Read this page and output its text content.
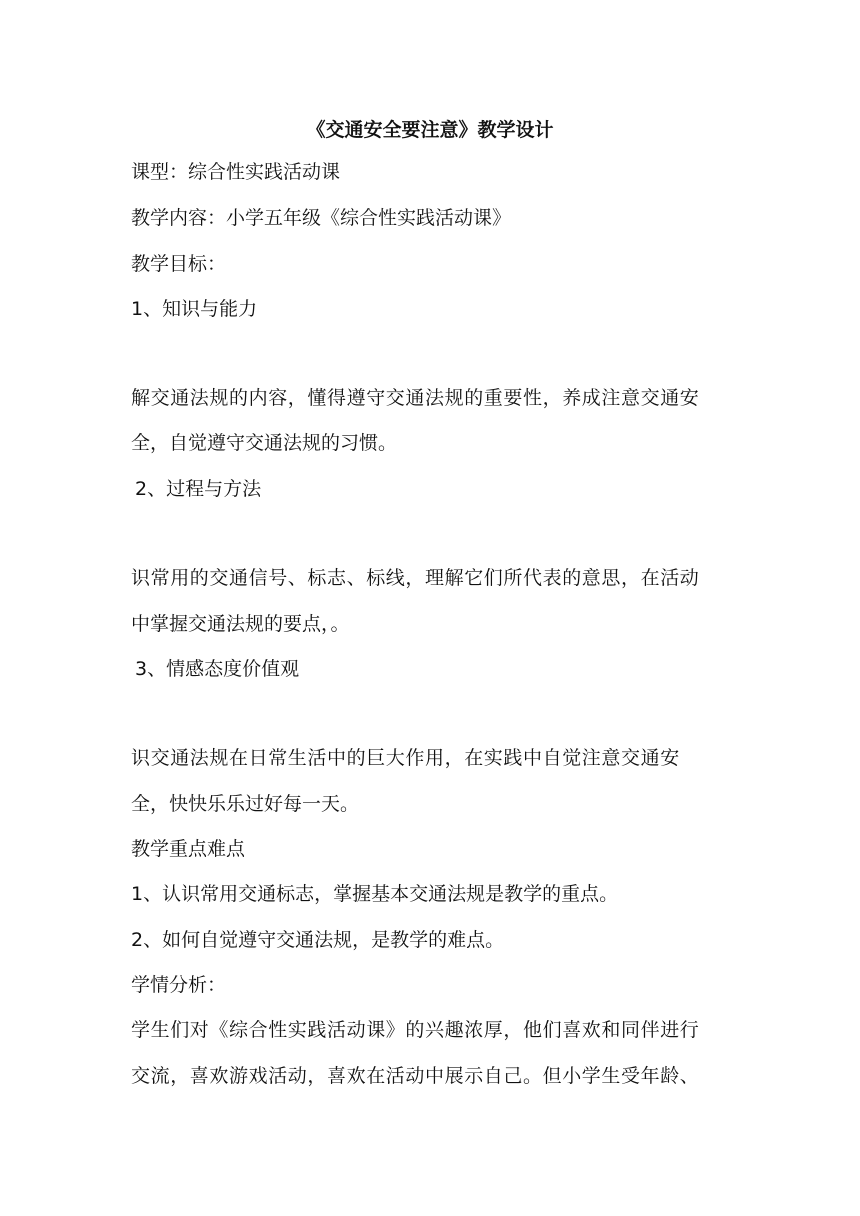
《交通安全要注意》教学设计
课型：综合性实践活动课
教学内容：小学五年级《综合性实践活动课》
教学目标：
1、知识与能力
解交通法规的内容，懂得遵守交通法规的重要性，养成注意交通安
全，自觉遵守交通法规的习惯。
2、过程与方法
识常用的交通信号、标志、标线，理解它们所代表的意思，在活动
中掌握交通法规的要点，。
3、情感态度价值观
识交通法规在日常生活中的巨大作用，在实践中自觉注意交通安
全，快快乐乐过好每一天。
教学重点难点
1、认识常用交通标志，掌握基本交通法规是教学的重点。
2、如何自觉遵守交通法规，是教学的难点。
学情分析：
学生们对《综合性实践活动课》的兴趣浓厚，他们喜欢和同伴进行
交流，喜欢游戏活动，喜欢在活动中展示自己。但小学生受年龄、
